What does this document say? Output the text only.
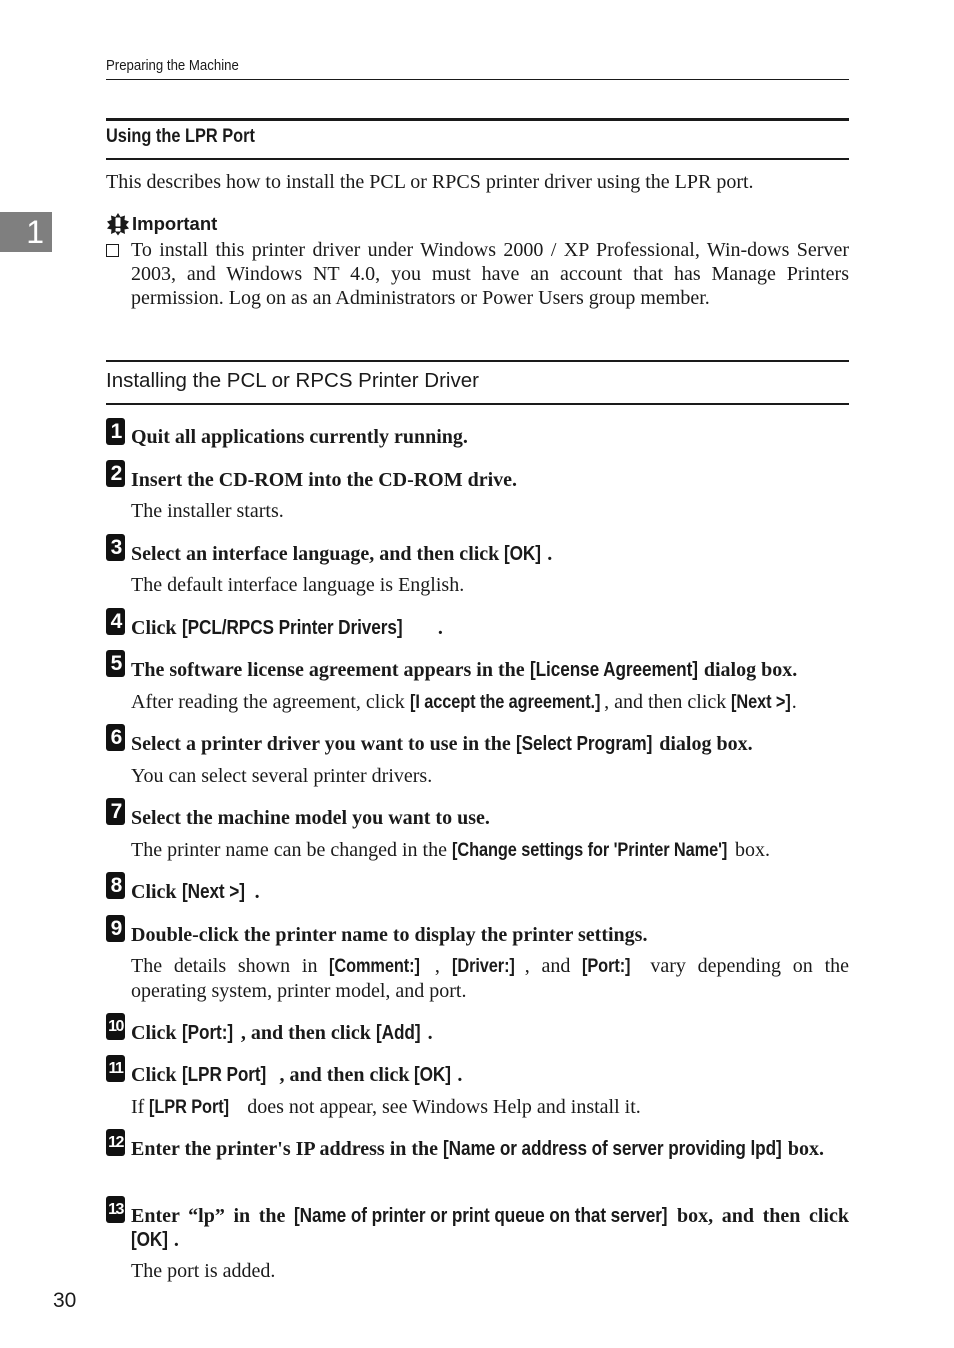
Preparing the Machine
Using the LPR Port
This describes how to install the PCL or RPCS printer driver using the LPR port.
1	Important
To install this printer driver under Windows 2000 / XP Professional, Win-dows Server 2003, and Windows NT 4.0, you must have an account that has Manage Printers permission. Log on as an Administrators or Power Users group member.
Installing the PCL or RPCS Printer Driver
1 Quit all applications currently running.
2 Insert the CD-ROM into the CD-ROM drive.
The installer starts.
3 Select an interface language, and then click [OK] .
The default interface language is English.
4 Click [PCL/RPCS Printer Drivers] .
5 The software license agreement appears in the [License Agreement] dialog box.
After reading the agreement, click [I accept the agreement.] , and then click [Next >].
6 Select a printer driver you want to use in the [Select Program] dialog box.
You can select several printer drivers.
7 Select the machine model you want to use.
The printer name can be changed in the [Change settings for 'Printer Name'] box.
8 Click [Next >] .
9 Double-click the printer name to display the printer settings.
The details shown in [Comment:] , [Driver:] , and [Port:] vary depending on the operating system, printer model, and port.
10 Click [Port:] , and then click [Add] .
11 Click [LPR Port] , and then click [OK] .
If [LPR Port] does not appear, see Windows Help and install it.
12 Enter the printer's IP address in the [Name or address of server providing lpd] box.
13 Enter “lp” in the [Name of printer or print queue on that server] box, and then click [OK] .
The port is added.
30
